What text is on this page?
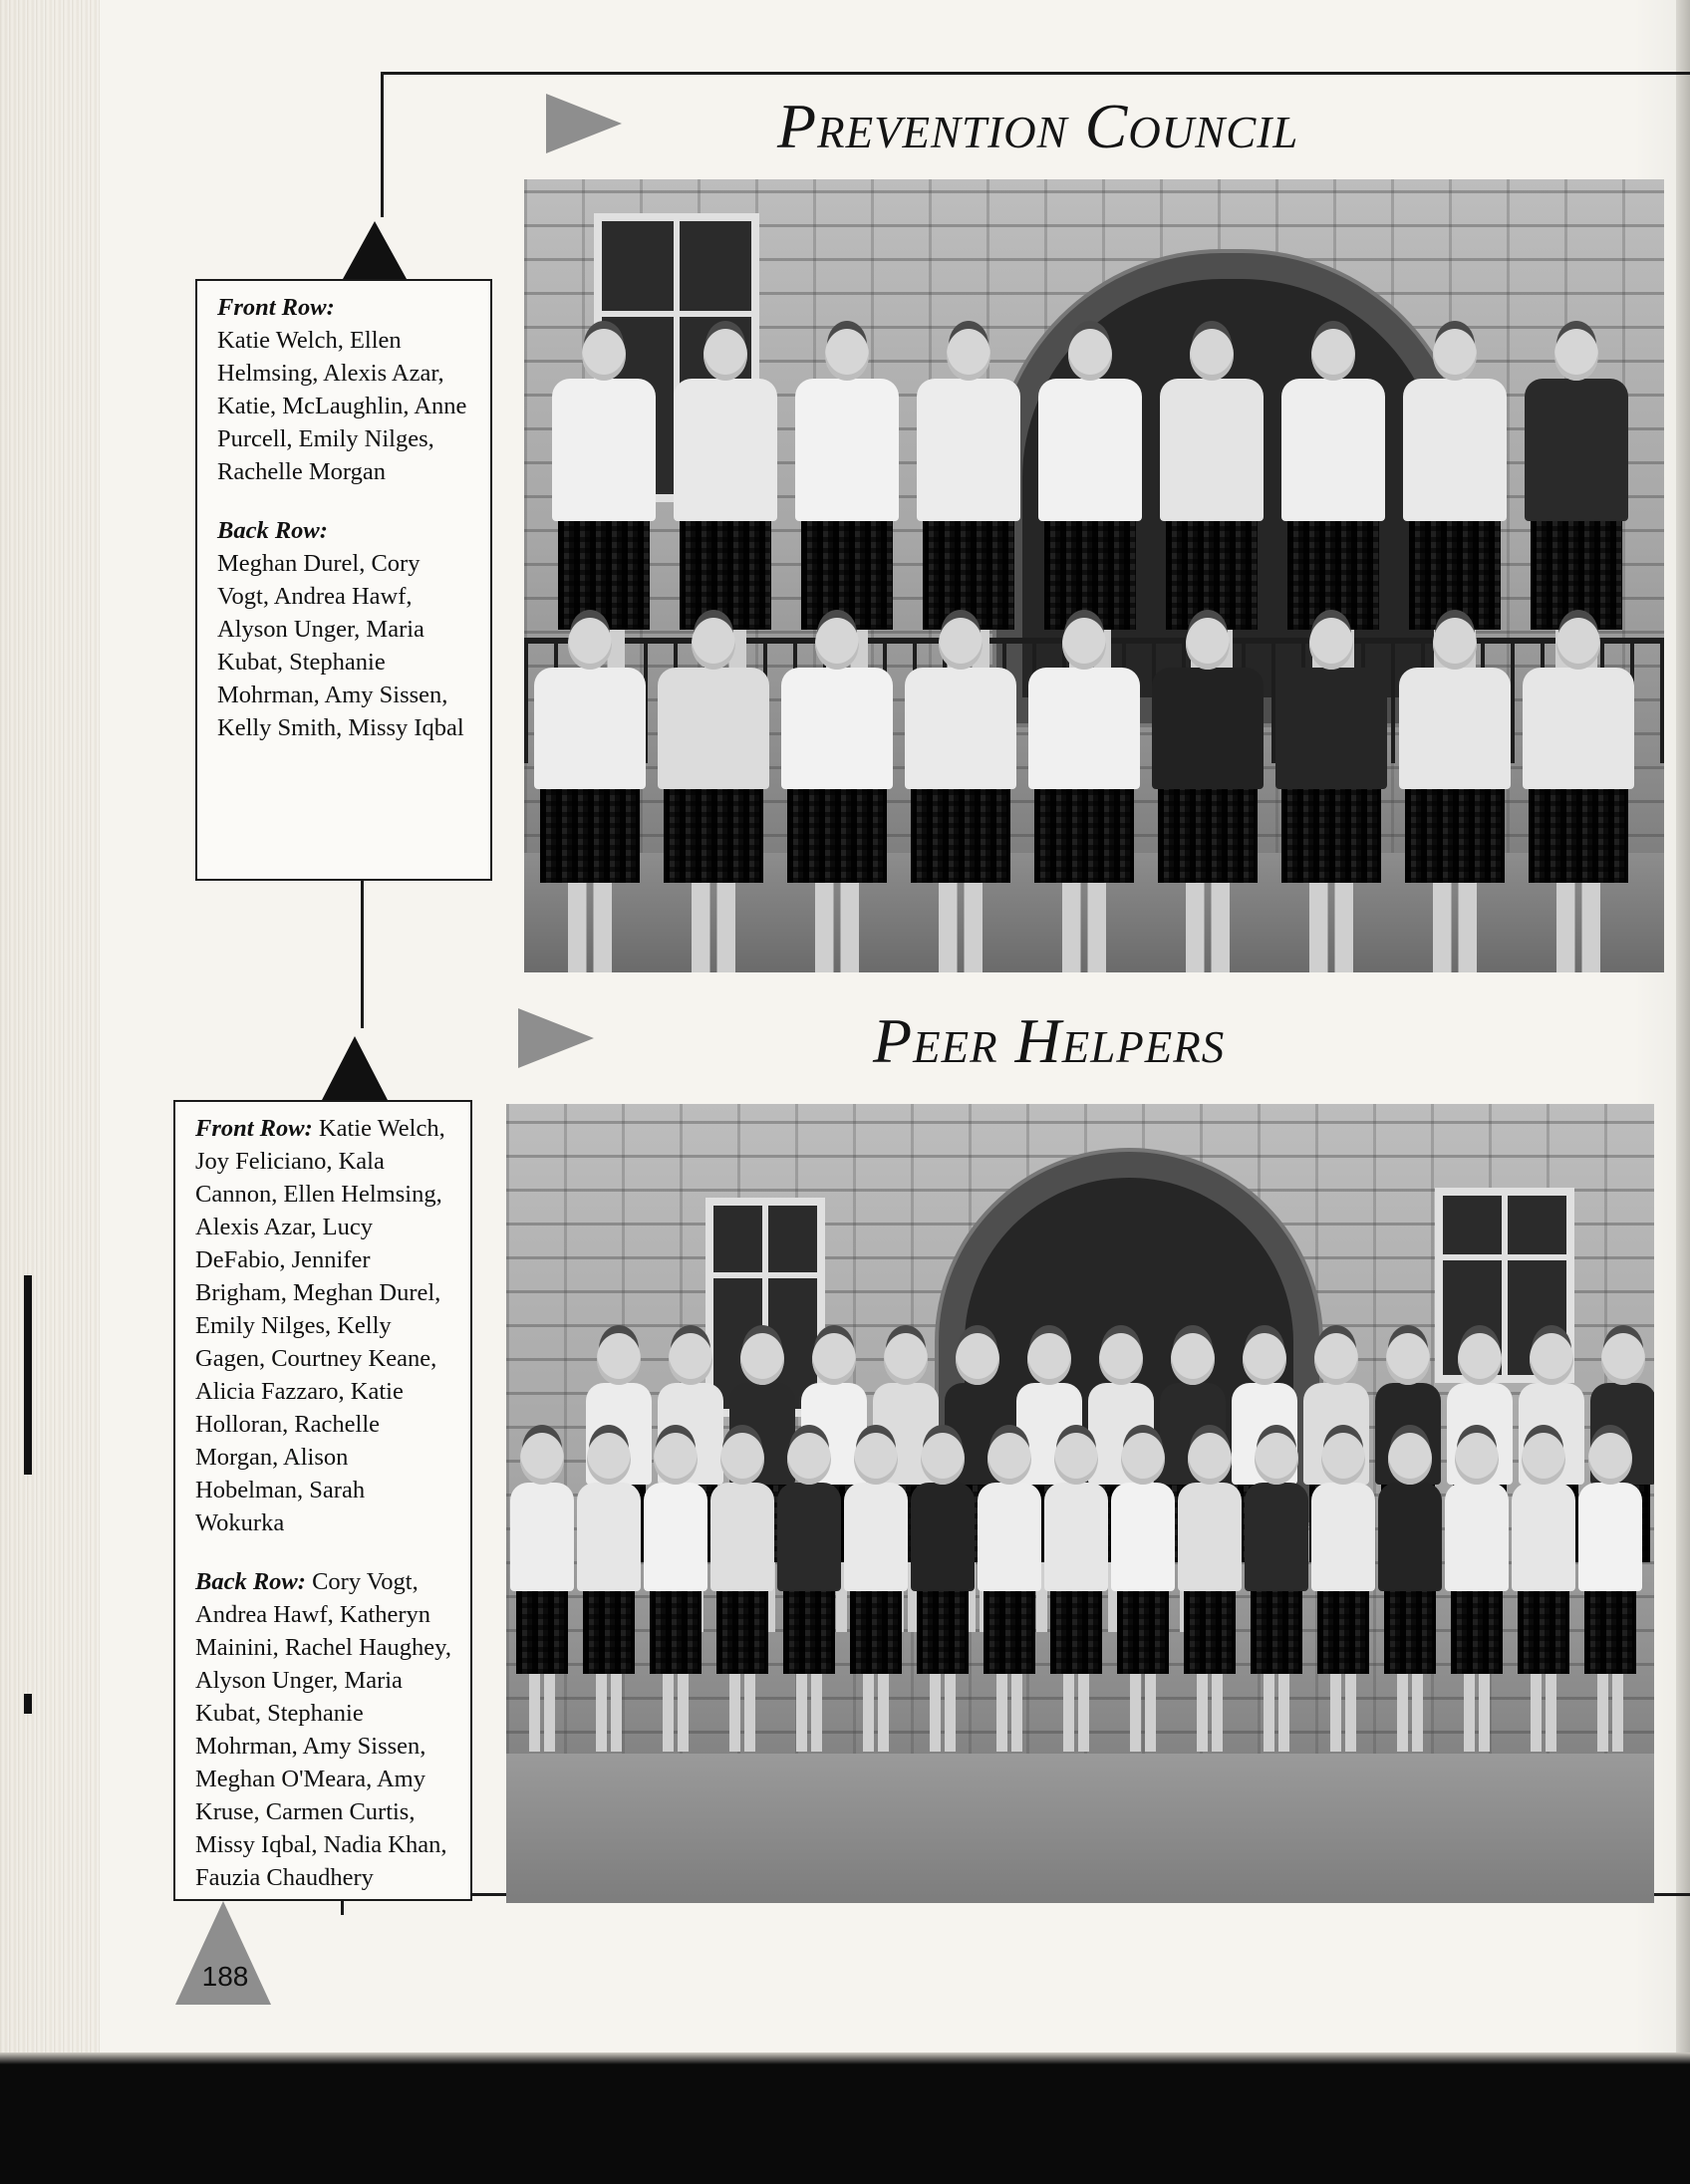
Prevention Council

Front Row:
Katie Welch, Ellen Helmsing, Alexis Azar, Katie, McLaughlin, Anne Purcell, Emily Nilges, Rachelle Morgan

Back Row:
Meghan Durel, Cory Vogt, Andrea Hawf, Alyson Unger, Maria Kubat, Stephanie Mohrman, Amy Sissen, Kelly Smith, Missy Iqbal

Peer Helpers

Front Row: Katie Welch, Joy Feliciano, Kala Cannon, Ellen Helmsing, Alexis Azar, Lucy DeFabio, Jennifer Brigham, Meghan Durel, Emily Nilges, Kelly Gagen, Courtney Keane, Alicia Fazzaro, Katie Holloran, Rachelle Morgan, Alison Hobelman, Sarah Wokurka

Back Row: Cory Vogt, Andrea Hawf, Katheryn Mainini, Rachel Haughey, Alyson Unger, Maria Kubat, Stephanie Mohrman, Amy Sissen, Meghan O'Meara, Amy Kruse, Carmen Curtis, Missy Iqbal, Nadia Khan, Fauzia Chaudhery

188
